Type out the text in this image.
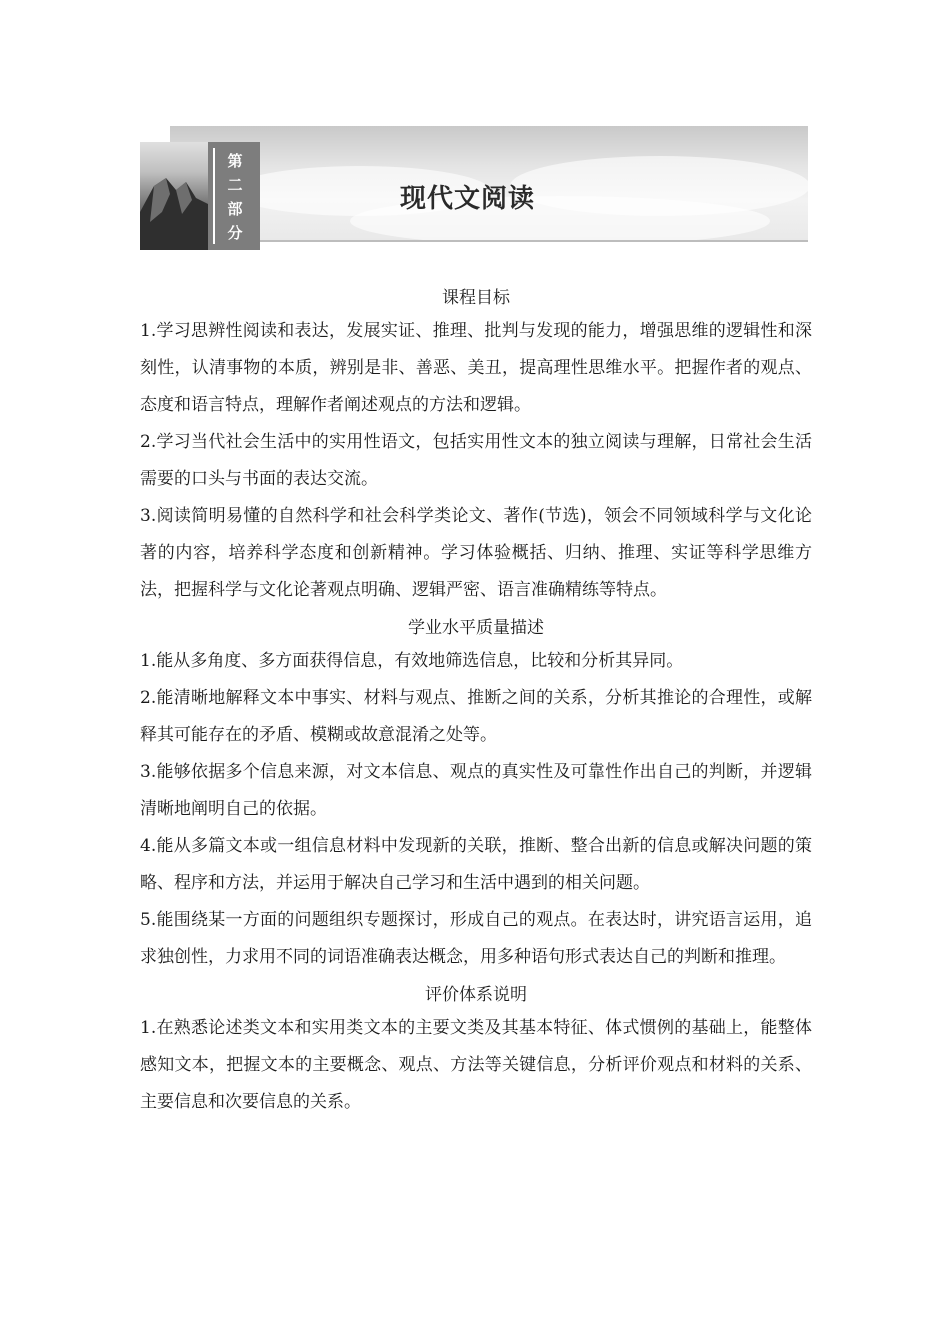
第
二
部
分
现代文阅读
课程目标

1.学习思辨性阅读和表达，发展实证、推理、批判与发现的能力，增强思维的逻辑性和深刻性，认清事物的本质，辨别是非、善恶、美丑，提高理性思维水平。把握作者的观点、态度和语言特点，理解作者阐述观点的方法和逻辑。

2.学习当代社会生活中的实用性语文，包括实用性文本的独立阅读与理解，日常社会生活需要的口头与书面的表达交流。

3.阅读简明易懂的自然科学和社会科学类论文、著作(节选)，领会不同领域科学与文化论著的内容，培养科学态度和创新精神。学习体验概括、归纳、推理、实证等科学思维方法，把握科学与文化论著观点明确、逻辑严密、语言准确精练等特点。

学业水平质量描述

1.能从多角度、多方面获得信息，有效地筛选信息，比较和分析其异同。

2.能清晰地解释文本中事实、材料与观点、推断之间的关系，分析其推论的合理性，或解释其可能存在的矛盾、模糊或故意混淆之处等。

3.能够依据多个信息来源，对文本信息、观点的真实性及可靠性作出自己的判断，并逻辑清晰地阐明自己的依据。

4.能从多篇文本或一组信息材料中发现新的关联，推断、整合出新的信息或解决问题的策略、程序和方法，并运用于解决自己学习和生活中遇到的相关问题。

5.能围绕某一方面的问题组织专题探讨，形成自己的观点。在表达时，讲究语言运用，追求独创性，力求用不同的词语准确表达概念，用多种语句形式表达自己的判断和推理。

评价体系说明

1.在熟悉论述类文本和实用类文本的主要文类及其基本特征、体式惯例的基础上，能整体感知文本，把握文本的主要概念、观点、方法等关键信息，分析评价观点和材料的关系、主要信息和次要信息的关系。
